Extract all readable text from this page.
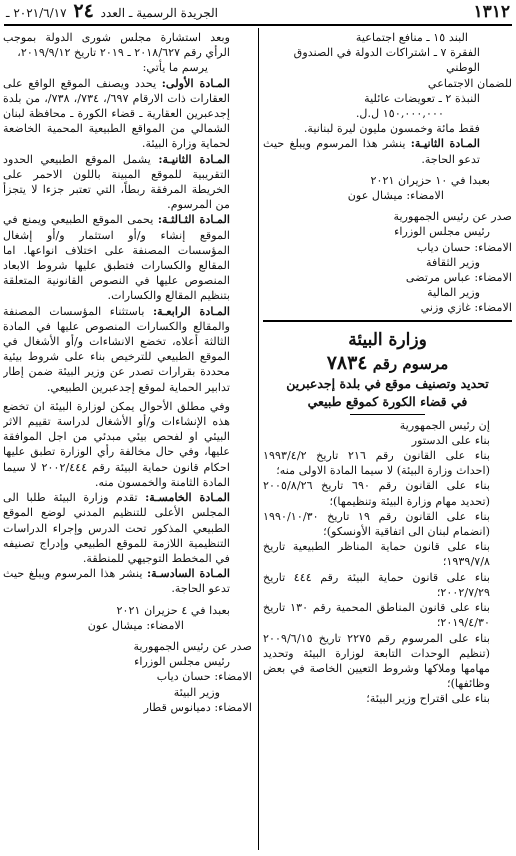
١٣١٢
الجريدة الرسمية ـ العدد ٢٤ ٢٠٢١/٦/١٧ ـ

البند ١٥ ـ منافع اجتماعية

الفقرة ٧ ـ اشتراكات الدولة في الصندوق الوطني

للضمان الاجتماعي

النبذة ٢ ـ تعويضات عائلية

١٥٠,٠٠٠,٠٠٠ ل.ل.

فقط مائة وخمسون مليون ليرة لبنانية.

المـادة الثانيـة: ينشر هذا المرسوم ويبلغ حيث تدعو الحاجة.

بعبدا في ١٠ حزيران ٢٠٢١

الامضاء: ميشال عون

صدر عن رئيس الجمهورية

رئيس مجلس الوزراء

الامضاء: حسان دياب

وزير الثقافة

الامضاء: عباس مرتضى

وزير المالية

الامضاء: غازي وزني

وزارة البيئة

مرسوم رقم ٧٨٣٤

تحديد وتصنيف موقع في بلدة إجدعبرين

في قضاء الكورة كموقع طبيعي

إن رئيس الجمهورية

بناء على الدستور

بناء على القانون رقم ٢١٦ تاريخ ١٩٩٣/٤/٢ (احداث وزارة البيئة) لا سيما المادة الاولى منه؛

بناء على القانون رقم ٦٩٠ تاريخ ٢٠٠٥/٨/٢٦ (تحديد مهام وزارة البيئة وتنظيمها)؛

بناء على القانون رقم ١٩ تاريخ ١٩٩٠/١٠/٣٠ (انضمام لبنان الى اتفاقية الأونسكو)؛

بناء على قانون حماية المناظر الطبيعية تاريخ ١٩٣٩/٧/٨؛

بناء على قانون حماية البيئة رقم ٤٤٤ تاريخ ٢٠٠٢/٧/٢٩؛

بناء على قانون المناطق المحمية رقم ١٣٠ تاريخ ٢٠١٩/٤/٣٠؛

بناء على المرسوم رقم ٢٢٧٥ تاريخ ٢٠٠٩/٦/١٥ (تنظيم الوحدات التابعة لوزارة البيئة وتحديد مهامها وملاكها وشروط التعيين الخاصة في بعض وظائفها)؛

بناء على اقتراح وزير البيئة؛

وبعد استشارة مجلس شورى الدولة بموجب الرأي رقم ٢٠١٨/٦٢٧ ـ ٢٠١٩ تاريخ ٢٠١٩/٩/١٢،

يرسم ما يأتي:

المـادة الأولى: يحدد ويصنف الموقع الواقع على العقارات ذات الارقام ٦٩٧/، ٧٣٤/، ٧٣٨/، من بلدة إجدعبرين العقارية ـ قضاء الكورة ـ محافظة لبنان الشمالي من المواقع الطبيعية المحمية الخاضعة لحماية وزارة البيئة.

المـادة الثانيـة: يشمل الموقع الطبيعي الحدود التقريبية للموقع المبينة باللون الاحمر على الخريطة المرفقة ربطاً، التي تعتبر جزءا لا يتجزأ من المرسوم.

المـادة الثـالثـة: يحمى الموقع الطبيعي ويمنع في الموقع إنشاء و/أو استثمار و/أو إشغال المؤسسات المصنفة على اختلاف انواعها. اما المقالع والكسارات فتطبق عليها شروط الابعاد المنصوص عليها في النصوص القانونية المتعلقة بتنظيم المقالع والكسارات.

المـادة الرابعـة: باستثناء المؤسسات المصنفة والمقالع والكسارات المنصوص عليها في المادة الثالثة أعلاه، تخضع الانشاءات و/أو الأشغال في الموقع الطبيعي للترخيص بناء على شروط بيئية محددة بقرارات تصدر عن وزير البيئة ضمن إطار تدابير الحماية لموقع إجدعبرين الطبيعي.

وفي مطلق الأحوال يمكن لوزارة البيئة ان تخضع هذه الإنشاءات و/أو الأشغال لدراسة تقييم الاثر البيئي او لفحص بيئي مبدئي من اجل الموافقة عليها، وفي حال مخالفة رأي الوزارة تطبق عليها احكام قانون حماية البيئة رقم ٢٠٠٢/٤٤٤ لا سيما المادة الثامنة والخمسون منه.

المـادة الخامسـة: تقدم وزارة البيئة طلبا الى المجلس الأعلى للتنظيم المدني لوضع الموقع الطبيعي المذكور تحت الدرس وإجراء الدراسات التنظيمية اللازمة للموقع الطبيعي وإدراج تصنيفه في المخطط التوجيهي للمنطقة.

المـادة السادسـة: ينشر هذا المرسوم ويبلغ حيث تدعو الحاجة.

بعبدا في ٤ حزيران ٢٠٢١

الامضاء: ميشال عون

صدر عن رئيس الجمهورية

رئيس مجلس الوزراء

الامضاء: حسان دياب

وزير البيئة

الامضاء: دميانوس قطار
